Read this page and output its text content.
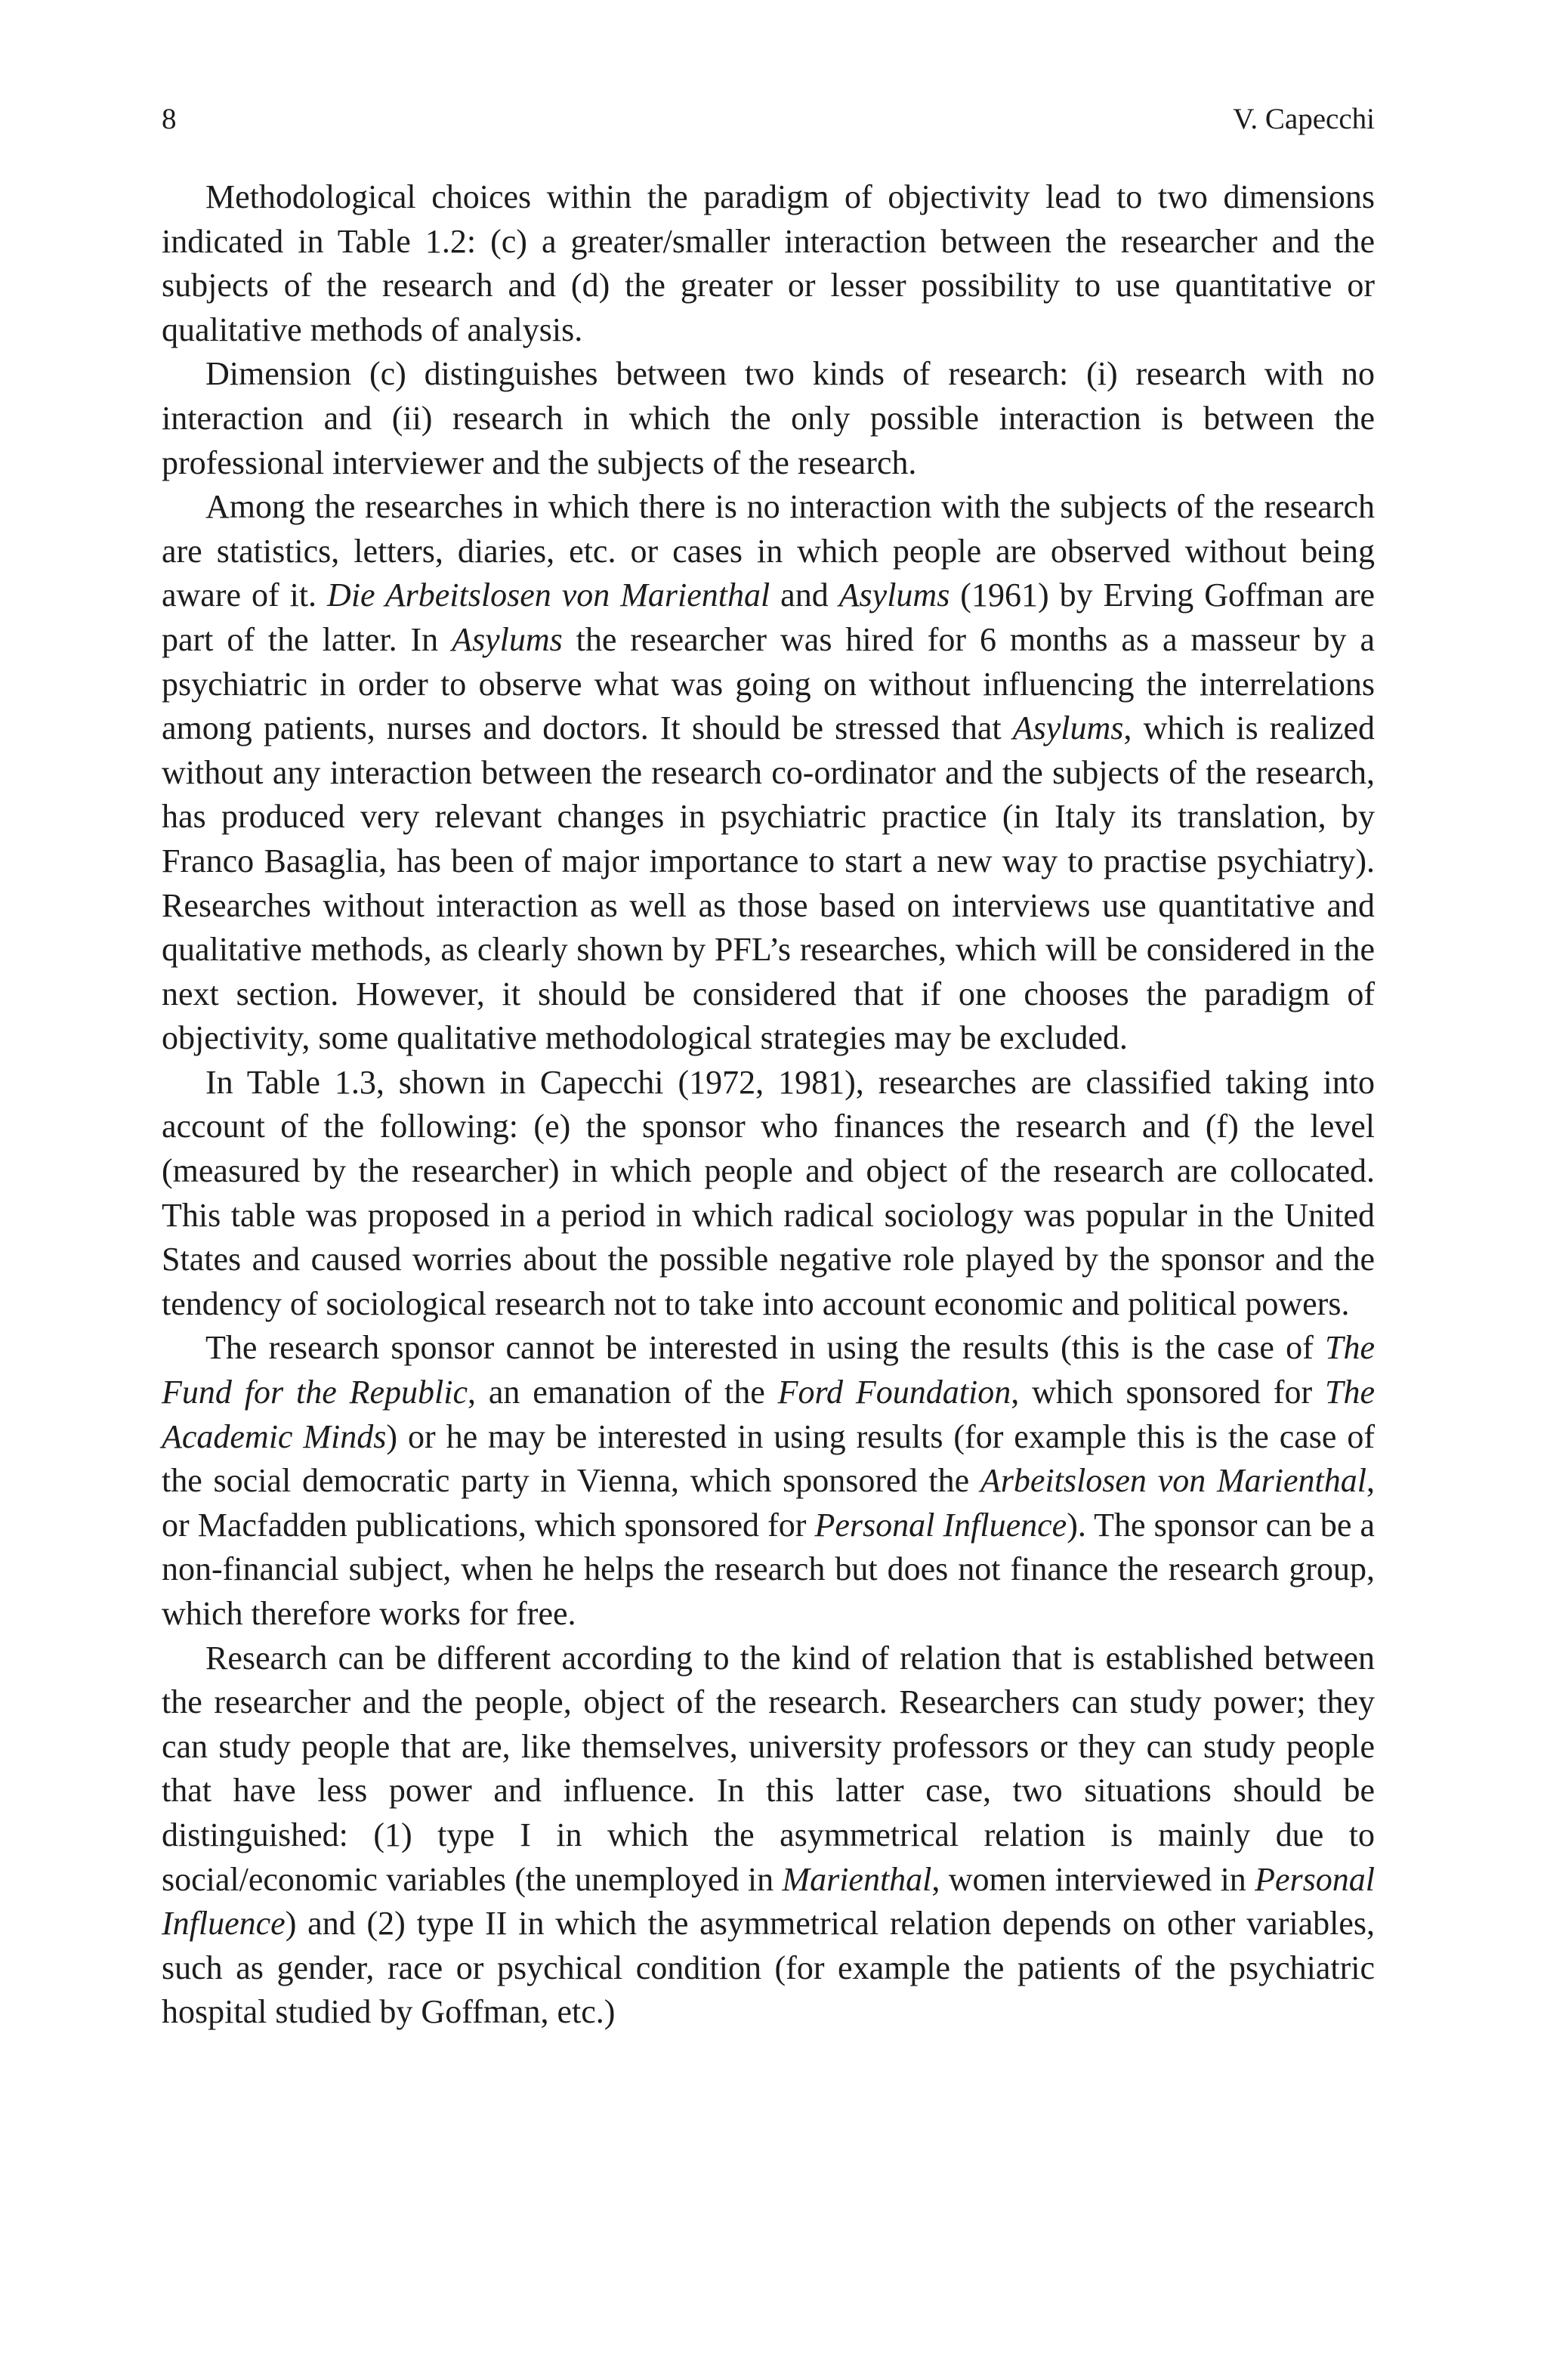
8	V. Capecchi

Methodological choices within the paradigm of objectivity lead to two dimensions indicated in Table 1.2: (c) a greater/smaller interaction between the researcher and the subjects of the research and (d) the greater or lesser possibility to use quantitative or qualitative methods of analysis.

Dimension (c) distinguishes between two kinds of research: (i) research with no interaction and (ii) research in which the only possible interaction is between the professional interviewer and the subjects of the research.

Among the researches in which there is no interaction with the subjects of the research are statistics, letters, diaries, etc. or cases in which people are observed without being aware of it. Die Arbeitslosen von Marienthal and Asylums (1961) by Erving Goffman are part of the latter. In Asylums the researcher was hired for 6 months as a masseur by a psychiatric in order to observe what was going on without influencing the interrelations among patients, nurses and doctors. It should be stressed that Asylums, which is realized without any interaction between the research co-ordinator and the subjects of the research, has produced very relevant changes in psychiatric practice (in Italy its translation, by Franco Basaglia, has been of major importance to start a new way to practise psychiatry). Researches without interaction as well as those based on interviews use quantitative and qualitative methods, as clearly shown by PFL’s researches, which will be considered in the next section. However, it should be considered that if one chooses the paradigm of objectivity, some qualitative methodological strategies may be excluded.

In Table 1.3, shown in Capecchi (1972, 1981), researches are classified taking into account of the following: (e) the sponsor who finances the research and (f) the level (measured by the researcher) in which people and object of the research are collocated. This table was proposed in a period in which radical sociology was popular in the United States and caused worries about the possible negative role played by the sponsor and the tendency of sociological research not to take into account economic and political powers.

The research sponsor cannot be interested in using the results (this is the case of The Fund for the Republic, an emanation of the Ford Foundation, which sponsored for The Academic Minds) or he may be interested in using results (for example this is the case of the social democratic party in Vienna, which sponsored the Arbeitslosen von Marienthal, or Macfadden publications, which sponsored for Personal Influence). The sponsor can be a non-financial subject, when he helps the research but does not finance the research group, which therefore works for free.

Research can be different according to the kind of relation that is established between the researcher and the people, object of the research. Researchers can study power; they can study people that are, like themselves, university professors or they can study people that have less power and influence. In this latter case, two situations should be distinguished: (1) type I in which the asymmetrical relation is mainly due to social/economic variables (the unemployed in Marienthal, women interviewed in Personal Influence) and (2) type II in which the asymmetrical relation depends on other variables, such as gender, race or psychical condition (for example the patients of the psychiatric hospital studied by Goffman, etc.)
